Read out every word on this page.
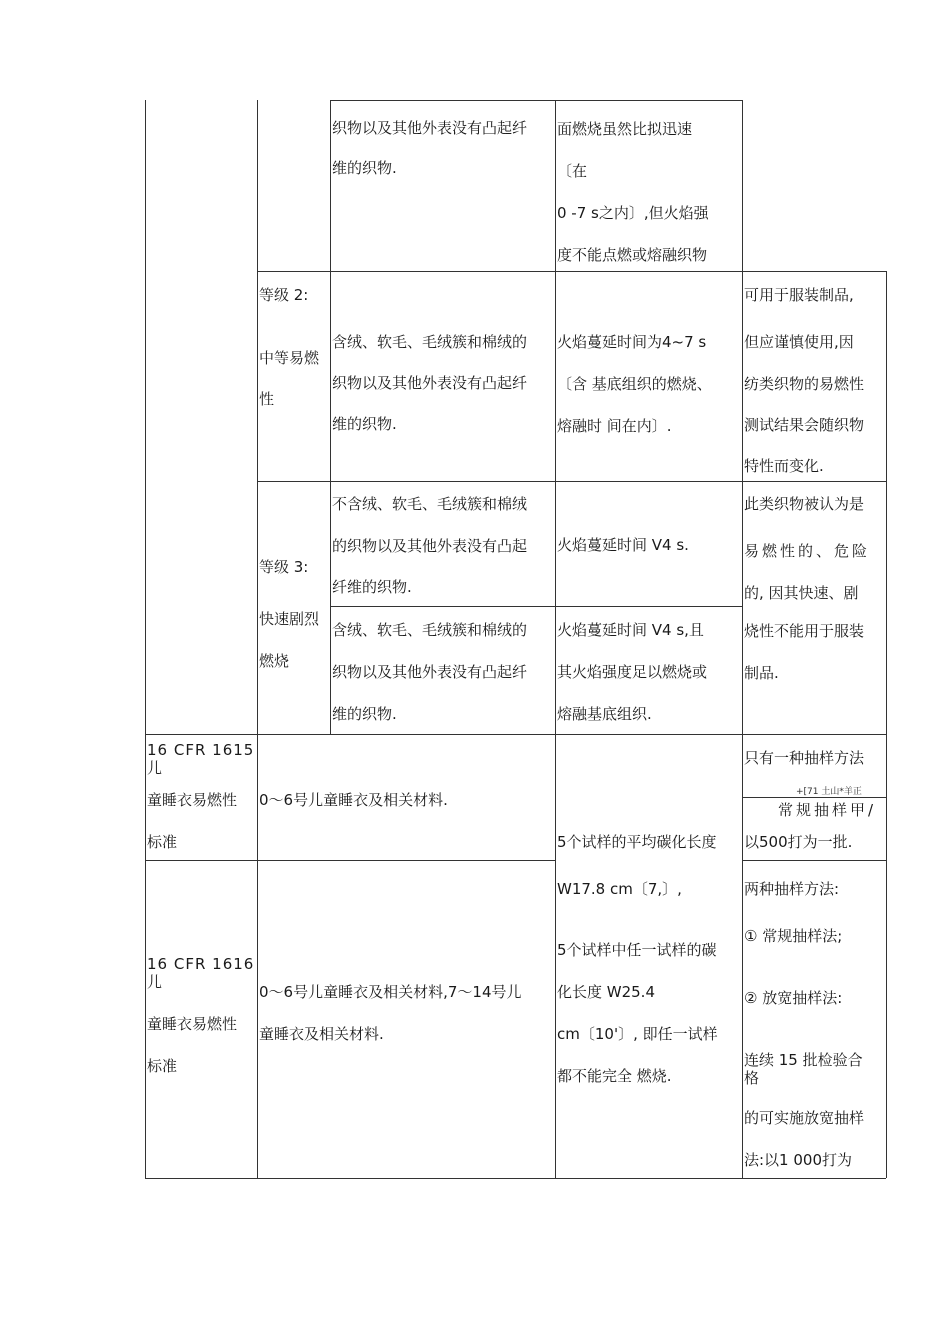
织物以及其他外表没有凸起纤
维的织物.
面燃烧虽然比拟迅速
〔在
0 -7 s之内〕,但火焰强
度不能点燃或熔融织物
等级 2:
中等易燃
性
含绒、软毛、毛绒簇和棉绒的
织物以及其他外表没有凸起纤
维的织物.
火焰蔓延时间为4~7 s
〔含 基底组织的燃烧、
熔融时 间在内〕.
可用于服装制品,
但应谨慎使用,因
纺类织物的易燃性
测试结果会随织物
特性而变化.
等级 3:
快速剧烈
燃烧
不含绒、软毛、毛绒簇和棉绒
的织物以及其他外表没有凸起
纤维的织物.
火焰蔓延时间 V4 s.
含绒、软毛、毛绒簇和棉绒的
织物以及其他外表没有凸起纤
维的织物.
火焰蔓延时间 V4 s,且
其火焰强度足以燃烧或
熔融基底组织.
此类织物被认为是
易燃性的、危险
的, 因其快速、剧
烧性不能用于服装
制品.
16 CFR 1615
儿
童睡衣易燃性
标准
0〜6号儿童睡衣及相关材料.
只有一种抽样方法
+[71 土山*羊正
常规抽样甲/
以500打为一批.
5个试样的平均碳化长度
W17.8 cm〔7,〕,
5个试样中任一试样的碳
化长度 W25.4
cm〔10'〕, 即任一试样
都不能完全 燃烧.
16 CFR 1616
儿
童睡衣易燃性
标准
0〜6号儿童睡衣及相关材料,7〜14号儿
童睡衣及相关材料.
两种抽样方法:
① 常规抽样法;
② 放宽抽样法:
连续 15 批检验合
格
的可实施放宽抽样
法:以1 000打为
